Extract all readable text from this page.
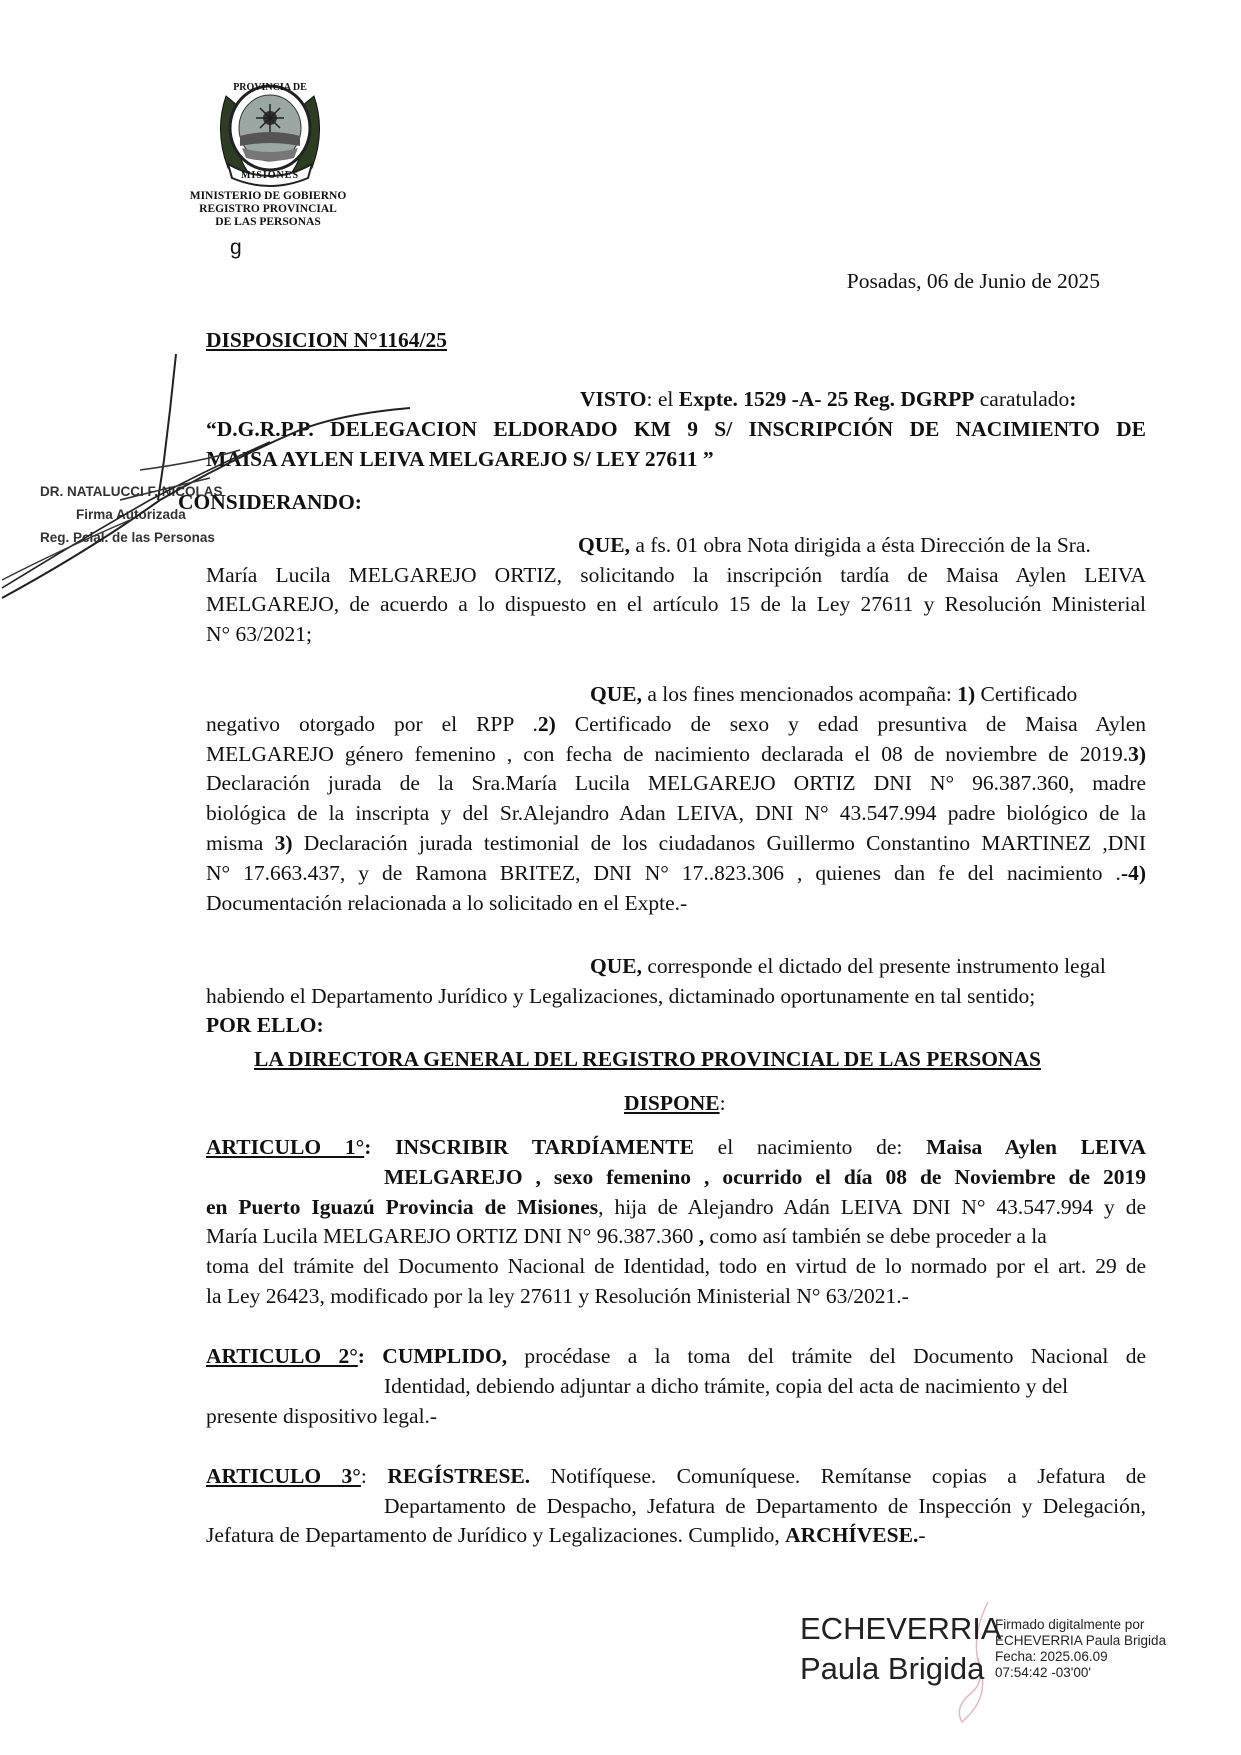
PROVINCIA DE
MISIONES
MINISTERIO DE GOBIERNO
REGISTRO PROVINCIAL
DE LAS PERSONAS
g
Posadas, 06 de Junio de 2025
DISPOSICION N°1164/25
VISTO: el Expte. 1529 -A- 25 Reg. DGRPP caratulado:
“D.G.R.P.P. DELEGACION ELDORADO KM 9 S/ INSCRIPCIÓN DE NACIMIENTO DE
MAISA AYLEN LEIVA MELGAREJO S/ LEY 27611 ”
CONSIDERANDO:
QUE, a fs. 01 obra Nota dirigida a ésta Dirección de la Sra.
María Lucila MELGAREJO ORTIZ, solicitando la inscripción tardía de Maisa Aylen LEIVA
MELGAREJO, de acuerdo a lo dispuesto en el artículo 15 de la Ley 27611 y Resolución Ministerial
N° 63/2021;
QUE, a los fines mencionados acompaña: 1) Certificado
negativo otorgado por el RPP .2) Certificado de sexo y edad presuntiva de Maisa Aylen
MELGAREJO género femenino , con fecha de nacimiento declarada el 08 de noviembre de 2019.3)
Declaración jurada de la Sra.María Lucila MELGAREJO ORTIZ DNI N° 96.387.360, madre
biológica de la inscripta y del Sr.Alejandro Adan LEIVA, DNI N° 43.547.994 padre biológico de la
misma 3) Declaración jurada testimonial de los ciudadanos Guillermo Constantino MARTINEZ ,DNI
N° 17.663.437, y de Ramona BRITEZ, DNI N° 17..823.306 , quienes dan fe del nacimiento .-4)
Documentación relacionada a lo solicitado en el Expte.-
QUE, corresponde el dictado del presente instrumento legal
habiendo el Departamento Jurídico y Legalizaciones, dictaminado oportunamente en tal sentido;
POR ELLO:
LA DIRECTORA GENERAL DEL REGISTRO PROVINCIAL DE LAS PERSONAS
DISPONE:
ARTICULO 1°: INSCRIBIR TARDÍAMENTE el nacimiento de: Maisa Aylen LEIVA
MELGAREJO , sexo femenino , ocurrido el día 08 de Noviembre de 2019
en Puerto Iguazú Provincia de Misiones, hija de Alejandro Adán LEIVA DNI N° 43.547.994 y de
María Lucila MELGAREJO ORTIZ DNI N° 96.387.360 , como así también se debe proceder a la
toma del trámite del Documento Nacional de Identidad, todo en virtud de lo normado por el art. 29 de
la Ley 26423, modificado por la ley 27611 y Resolución Ministerial N° 63/2021.-
ARTICULO 2°: CUMPLIDO, procédase a la toma del trámite del Documento Nacional de
Identidad, debiendo adjuntar a dicho trámite, copia del acta de nacimiento y del
presente dispositivo legal.-
ARTICULO 3°: REGÍSTRESE. Notifíquese. Comuníquese. Remítanse copias a Jefatura de
Departamento de Despacho, Jefatura de Departamento de Inspección y Delegación,
Jefatura de Departamento de Jurídico y Legalizaciones. Cumplido, ARCHÍVESE.-
DR. NATALUCCI F. NICOLAS
Firma Autorizada
Reg. Pcial. de las Personas
ECHEVERRIA
Paula Brigida
Firmado digitalmente por
ECHEVERRIA Paula Brigida
Fecha: 2025.06.09
07:54:42 -03'00'
